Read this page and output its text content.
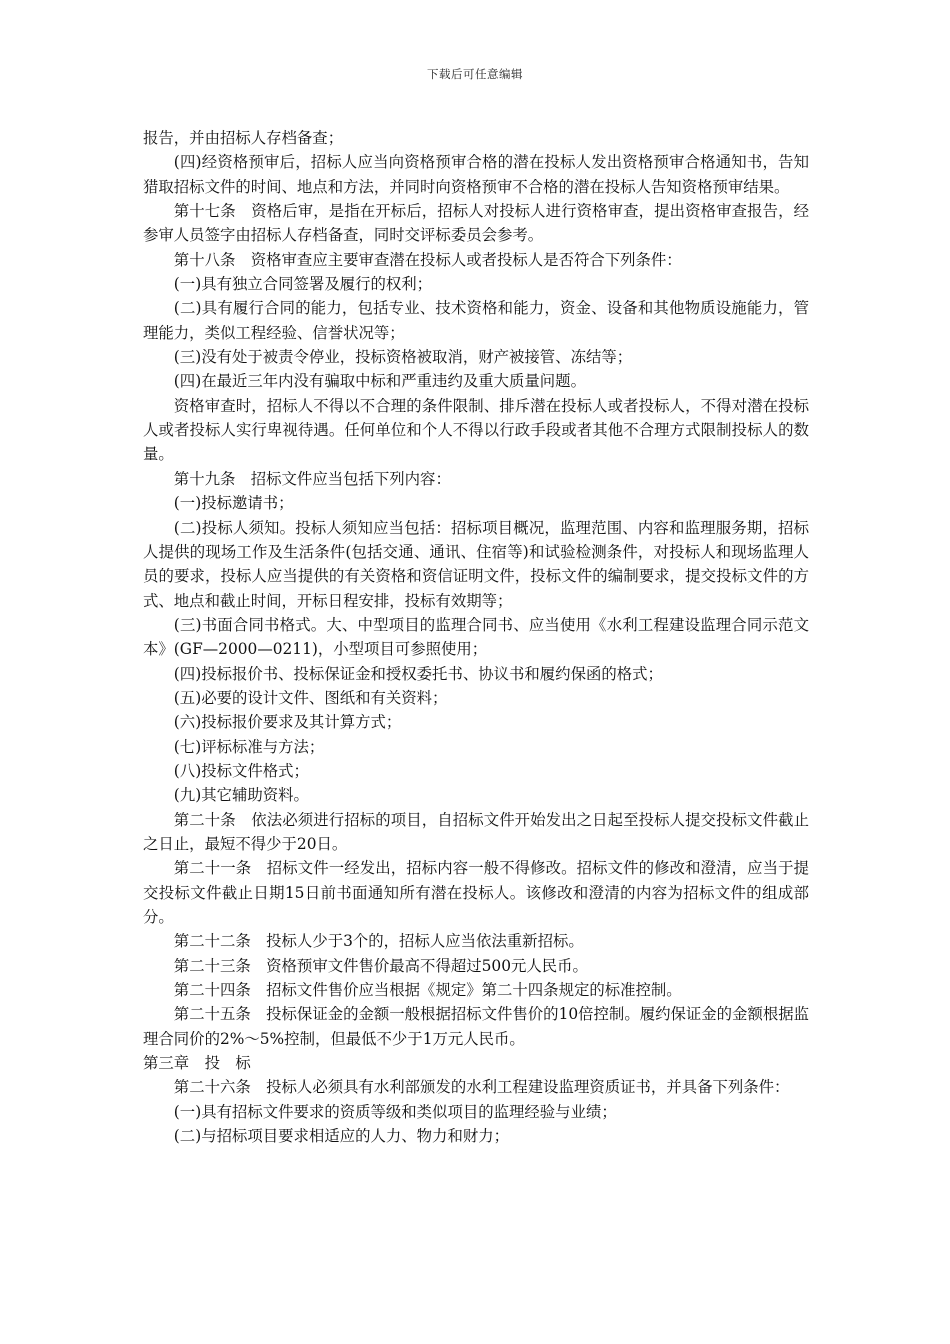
下载后可任意编辑

报告，并由招标人存档备查；

(四)经资格预审后，招标人应当向资格预审合格的潜在投标人发出资格预审合格通知书，告知猎取招标文件的时间、地点和方法，并同时向资格预审不合格的潜在投标人告知资格预审结果。

第十七条　资格后审，是指在开标后，招标人对投标人进行资格审查，提出资格审查报告，经参审人员签字由招标人存档备查，同时交评标委员会参考。

第十八条　资格审查应主要审查潜在投标人或者投标人是否符合下列条件：

(一)具有独立合同签署及履行的权利；

(二)具有履行合同的能力，包括专业、技术资格和能力，资金、设备和其他物质设施能力，管理能力，类似工程经验、信誉状况等；

(三)没有处于被责令停业，投标资格被取消，财产被接管、冻结等；

(四)在最近三年内没有骗取中标和严重违约及重大质量问题。

资格审查时，招标人不得以不合理的条件限制、排斥潜在投标人或者投标人，不得对潜在投标人或者投标人实行卑视待遇。任何单位和个人不得以行政手段或者其他不合理方式限制投标人的数量。

第十九条　招标文件应当包括下列内容：

(一)投标邀请书；

(二)投标人须知。投标人须知应当包括：招标项目概况，监理范围、内容和监理服务期，招标人提供的现场工作及生活条件(包括交通、通讯、住宿等)和试验检测条件，对投标人和现场监理人员的要求，投标人应当提供的有关资格和资信证明文件，投标文件的编制要求，提交投标文件的方式、地点和截止时间，开标日程安排，投标有效期等；

(三)书面合同书格式。大、中型项目的监理合同书、应当使用《水利工程建设监理合同示范文本》(GF—2000—0211)，小型项目可参照使用；

(四)投标报价书、投标保证金和授权委托书、协议书和履约保函的格式；

(五)必要的设计文件、图纸和有关资料；

(六)投标报价要求及其计算方式；

(七)评标标准与方法；

(八)投标文件格式；

(九)其它辅助资料。

第二十条　依法必须进行招标的项目，自招标文件开始发出之日起至投标人提交投标文件截止之日止，最短不得少于20日。

第二十一条　招标文件一经发出，招标内容一般不得修改。招标文件的修改和澄清，应当于提交投标文件截止日期15日前书面通知所有潜在投标人。该修改和澄清的内容为招标文件的组成部分。

第二十二条　投标人少于3个的，招标人应当依法重新招标。

第二十三条　资格预审文件售价最高不得超过500元人民币。

第二十四条　招标文件售价应当根据《规定》第二十四条规定的标准控制。

第二十五条　投标保证金的金额一般根据招标文件售价的10倍控制。履约保证金的金额根据监理合同价的2%～5%控制，但最低不少于1万元人民币。

第三章　投　标

第二十六条　投标人必须具有水利部颁发的水利工程建设监理资质证书，并具备下列条件：

(一)具有招标文件要求的资质等级和类似项目的监理经验与业绩；

(二)与招标项目要求相适应的人力、物力和财力；
